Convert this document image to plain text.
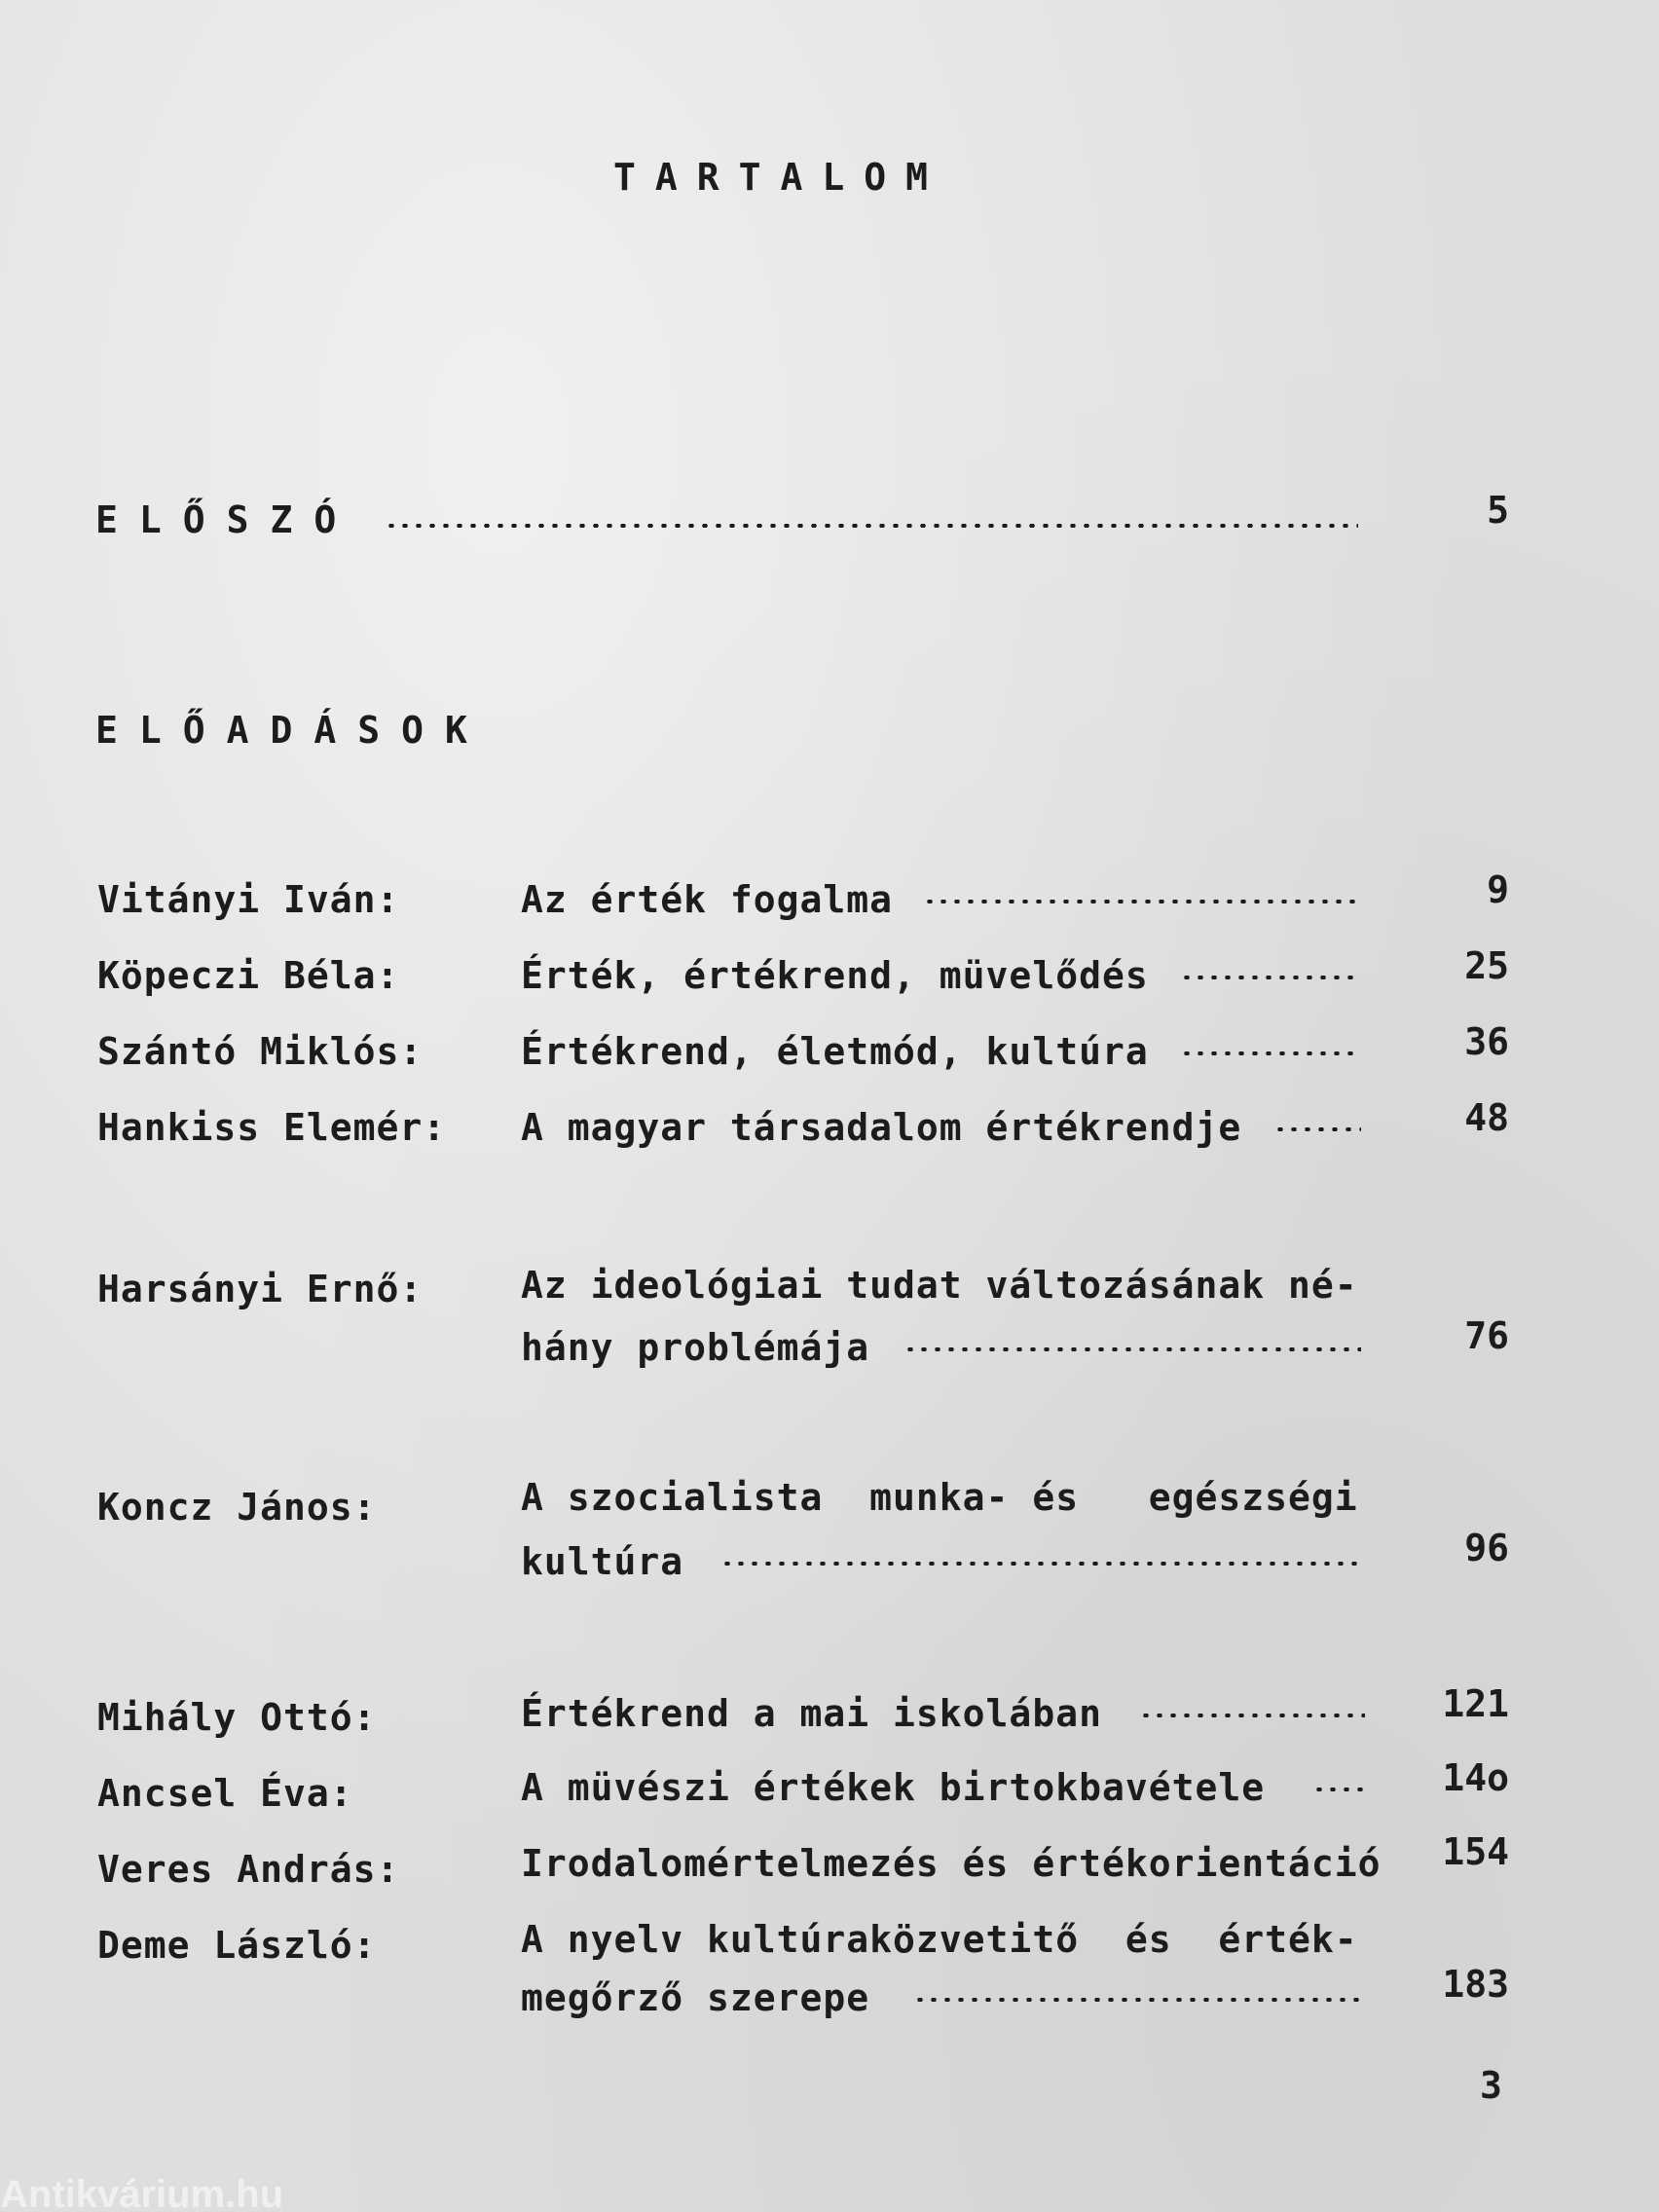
TARTALOM
ELŐSZÓ	5
ELŐADÁSOK
Vitányi Iván:	Az érték fogalma	9
Köpeczi Béla:	Érték, értékrend, müvelődés	25
Szántó Miklós:	Értékrend, életmód, kultúra	36
Hankiss Elemér: A magyar társadalom értékrendje	48
Harsányi Ernő:	Az ideológiai tudat változásának né-
hány problémája	76
Koncz János:	A szocialista  munka- és   egészségi
kultúra	96
Mihály Ottó:	Értékrend a mai iskolában	121
Ancsel Éva:	A müvészi értékek birtokbavétele	14o
Veres András:	Irodalomértelmezés és értékorientáció	154
Deme László:	A nyelv kultúraközvetitő  és  érték-
megőrző szerepe	183
3
Antikvárium.hu
